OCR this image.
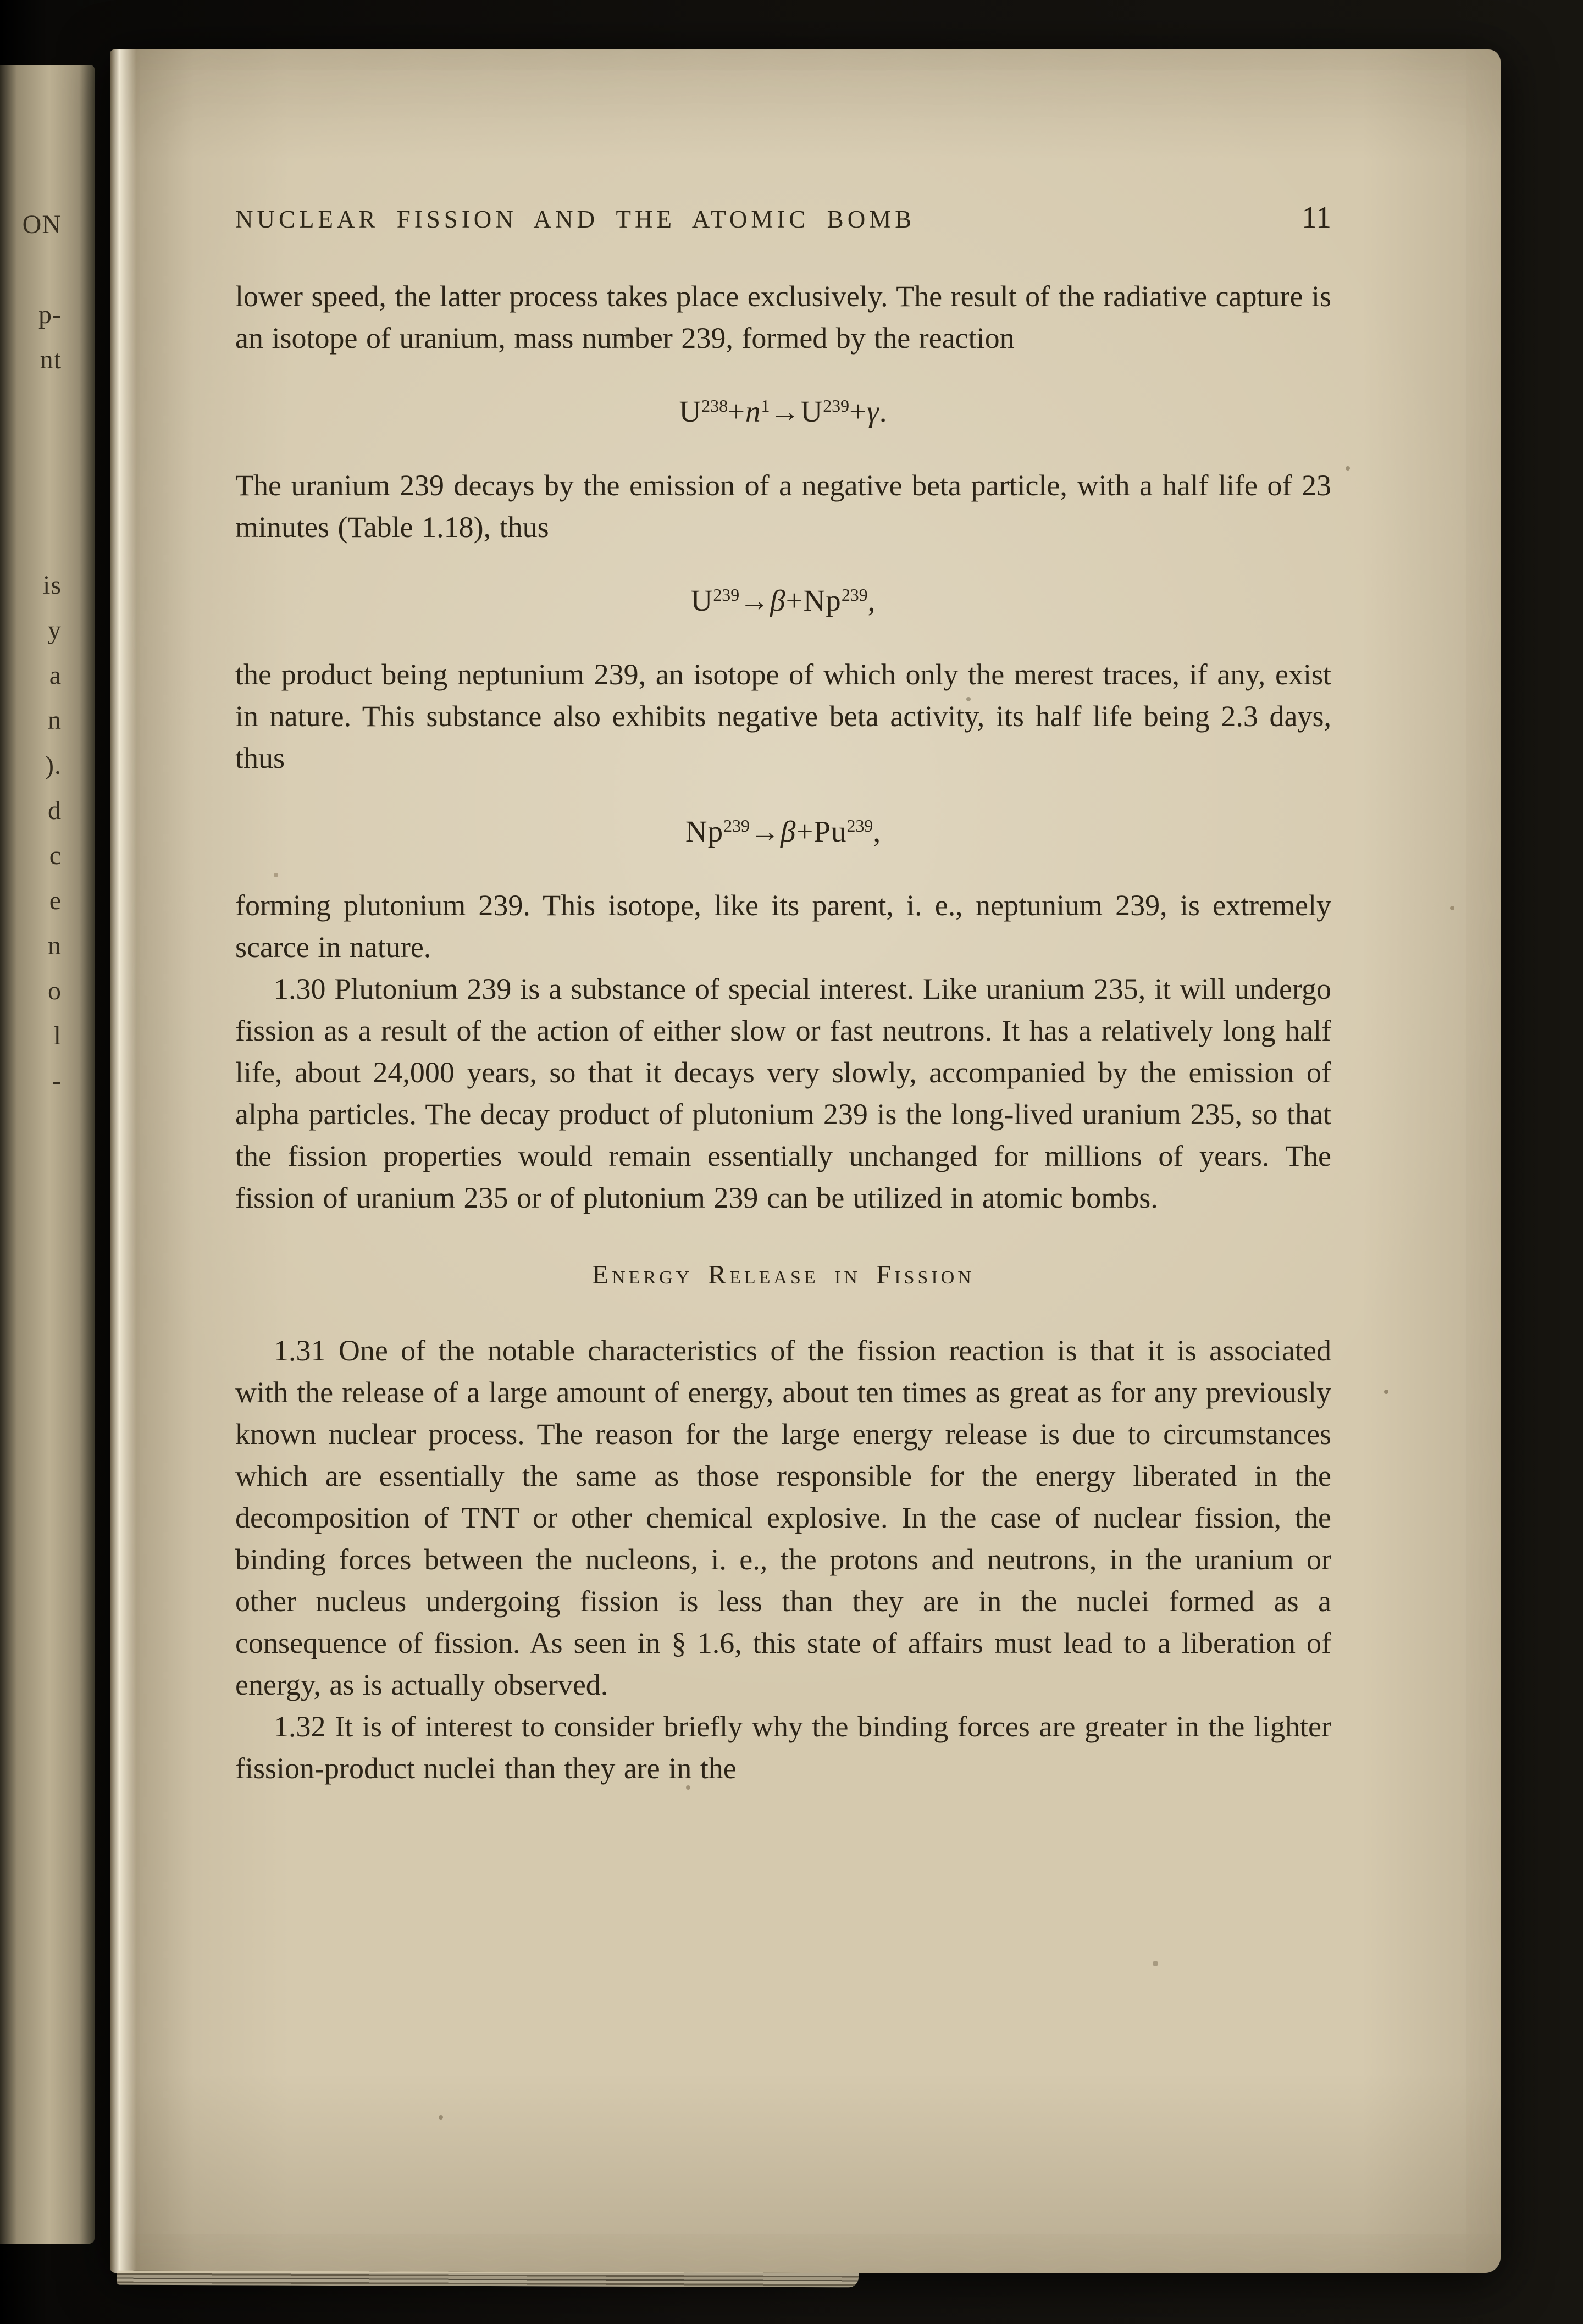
ON

p-
nt

is
y
a
n
).
d
c
e
n
o
l
-
NUCLEAR FISSION AND THE ATOMIC BOMB	11

lower speed, the latter process takes place exclusively. The result of the radiative capture is an isotope of uranium, mass number 239, formed by the reaction

$U^{238}+n^1\to U^{239}+\gamma$.

The uranium 239 decays by the emission of a negative beta particle, with a half life of 23 minutes (Table 1.18), thus

$U^{239}\to\beta+Np^{239}$,

the product being neptunium 239, an isotope of which only the merest traces, if any, exist in nature. This substance also exhibits negative beta activity, its half life being 2.3 days, thus

$Np^{239}\to\beta+Pu^{239}$,

forming plutonium 239. This isotope, like its parent, i. e., neptunium 239, is extremely scarce in nature.

1.30 Plutonium 239 is a substance of special interest. Like uranium 235, it will undergo fission as a result of the action of either slow or fast neutrons. It has a relatively long half life, about 24,000 years, so that it decays very slowly, accompanied by the emission of alpha particles. The decay product of plutonium 239 is the long-lived uranium 235, so that the fission properties would remain essentially unchanged for millions of years. The fission of uranium 235 or of plutonium 239 can be utilized in atomic bombs.

Energy Release in Fission

1.31 One of the notable characteristics of the fission reaction is that it is associated with the release of a large amount of energy, about ten times as great as for any previously known nuclear process. The reason for the large energy release is due to circumstances which are essentially the same as those responsible for the energy liberated in the decomposition of TNT or other chemical explosive. In the case of nuclear fission, the binding forces between the nucleons, i. e., the protons and neutrons, in the uranium or other nucleus undergoing fission is less than they are in the nuclei formed as a consequence of fission. As seen in § 1.6, this state of affairs must lead to a liberation of energy, as is actually observed.

1.32 It is of interest to consider briefly why the binding forces are greater in the lighter fission-product nuclei than they are in the
